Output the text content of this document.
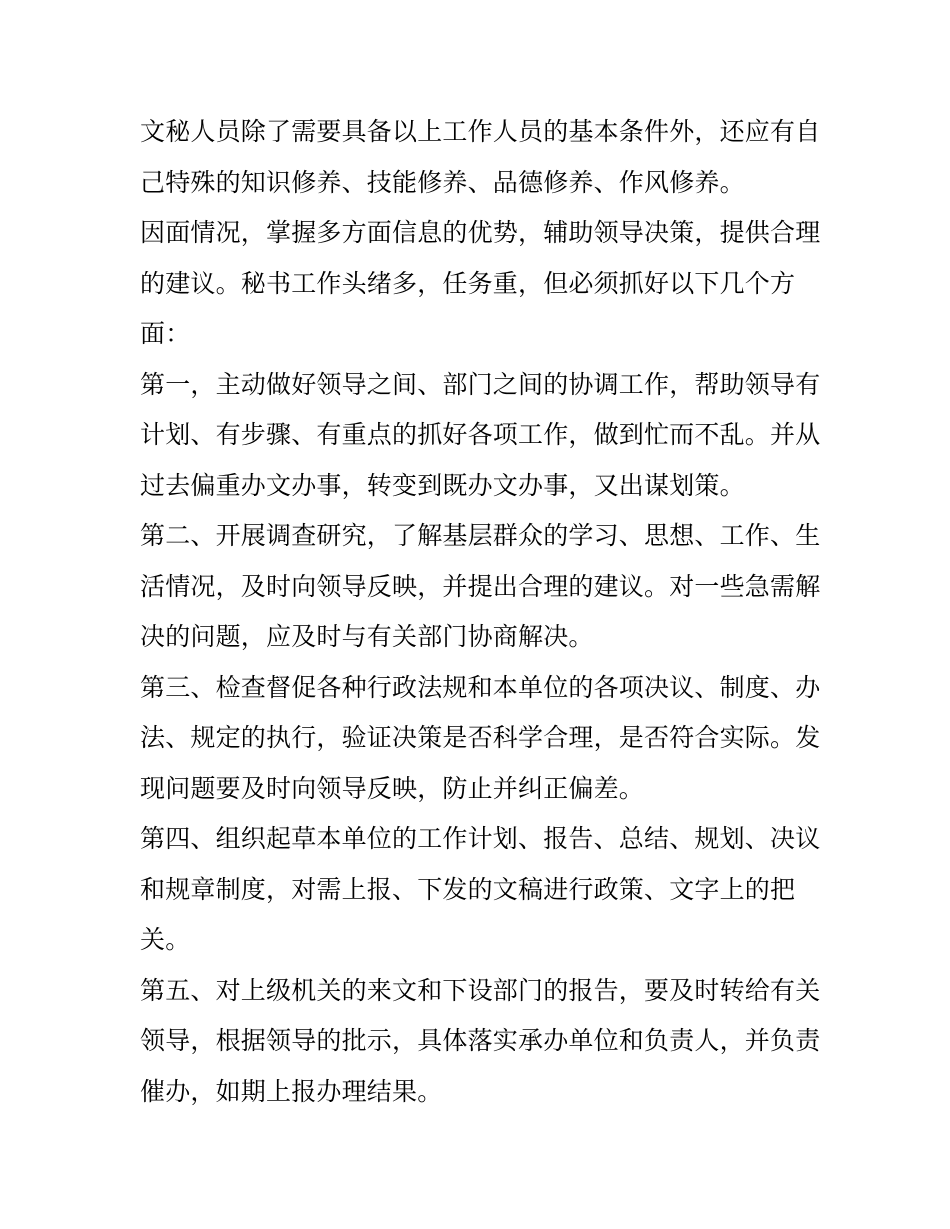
文秘人员除了需要具备以上工作人员的基本条件外，还应有自
己特殊的知识修养、技能修养、品德修养、作风修养。
因面情况，掌握多方面信息的优势，辅助领导决策，提供合理
的建议。秘书工作头绪多，任务重，但必须抓好以下几个方
面：
第一，主动做好领导之间、部门之间的协调工作，帮助领导有
计划、有步骤、有重点的抓好各项工作，做到忙而不乱。并从
过去偏重办文办事，转变到既办文办事，又出谋划策。
第二、开展调查研究，了解基层群众的学习、思想、工作、生
活情况，及时向领导反映，并提出合理的建议。对一些急需解
决的问题，应及时与有关部门协商解决。
第三、检查督促各种行政法规和本单位的各项决议、制度、办
法、规定的执行，验证决策是否科学合理，是否符合实际。发
现问题要及时向领导反映，防止并纠正偏差。
第四、组织起草本单位的工作计划、报告、总结、规划、决议
和规章制度，对需上报、下发的文稿进行政策、文字上的把
关。
第五、对上级机关的来文和下设部门的报告，要及时转给有关
领导，根据领导的批示，具体落实承办单位和负责人，并负责
催办，如期上报办理结果。
